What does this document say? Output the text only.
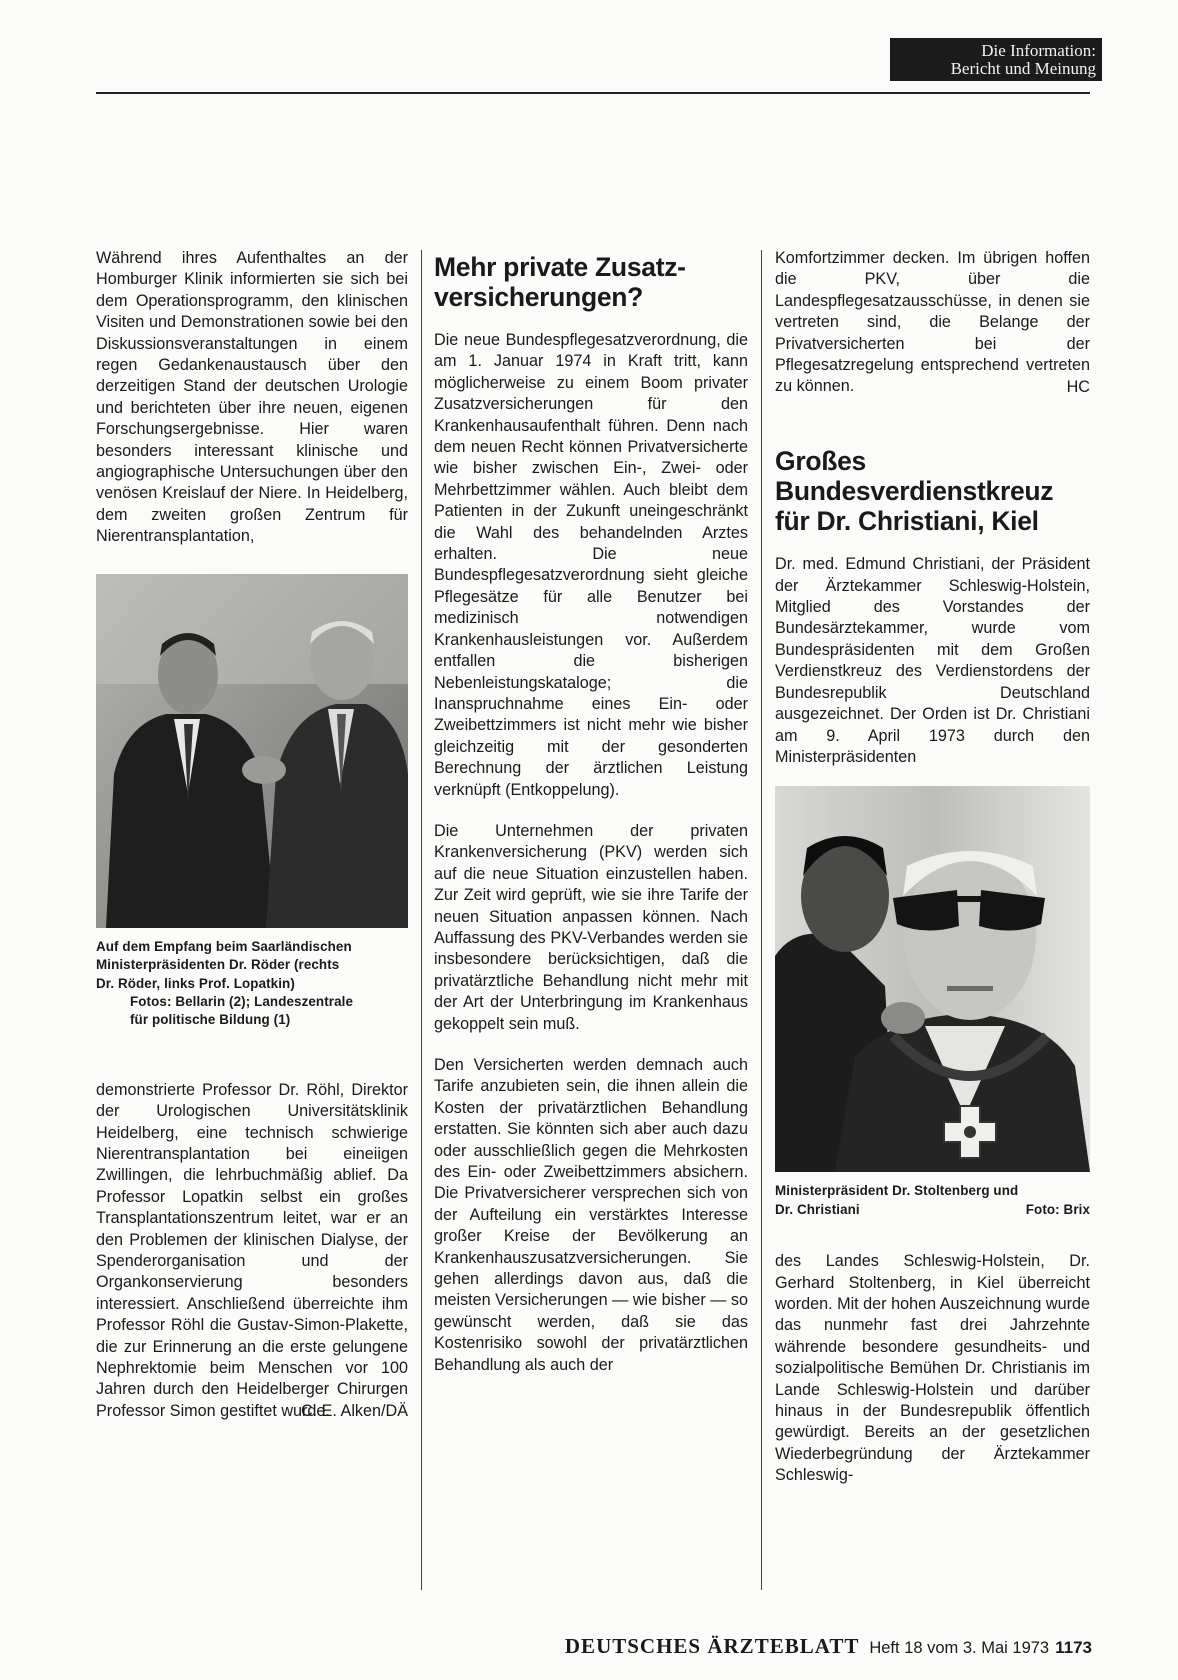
Die Information:
Bericht und Meinung

Während ihres Aufenthaltes an der Homburger Klinik informierten sie sich bei dem Operationsprogramm, den klinischen Visiten und Demonstrationen sowie bei den Diskussionsveranstaltungen in einem regen Gedankenaustausch über den derzeitigen Stand der deutschen Urologie und berichteten über ihre neuen, eigenen Forschungsergebnisse. Hier waren besonders interessant klinische und angiographische Untersuchungen über den venösen Kreislauf der Niere. In Heidelberg, dem zweiten großen Zentrum für Nierentransplantation,

Auf dem Empfang beim Saarländischen
Ministerpräsidenten Dr. Röder (rechts
Dr. Röder, links Prof. Lopatkin)
Fotos: Bellarin (2); Landeszentrale
für politische Bildung (1)

demonstrierte Professor Dr. Röhl, Direktor der Urologischen Universitätsklinik Heidelberg, eine technisch schwierige Nierentransplantation bei eineiigen Zwillingen, die lehrbuchmäßig ablief. Da Professor Lopatkin selbst ein großes Transplantationszentrum leitet, war er an den Problemen der klinischen Dialyse, der Spenderorganisation und der Organkonservierung besonders interessiert. Anschließend überreichte ihm Professor Röhl die Gustav-Simon-Plakette, die zur Erinnerung an die erste gelungene Nephrektomie beim Menschen vor 100 Jahren durch den Heidelberger Chirurgen Professor Simon gestiftet wurde.

C. E. Alken/DÄ
Mehr private Zusatz- versicherungen?

Die neue Bundespflegesatzverordnung, die am 1. Januar 1974 in Kraft tritt, kann möglicherweise zu einem Boom privater Zusatzversicherungen für den Krankenhausaufenthalt führen. Denn nach dem neuen Recht können Privatversicherte wie bisher zwischen Ein-, Zwei- oder Mehrbettzimmer wählen. Auch bleibt dem Patienten in der Zukunft uneingeschränkt die Wahl des behandelnden Arztes erhalten. Die neue Bundespflegesatzverordnung sieht gleiche Pflegesätze für alle Benutzer bei medizinisch notwendigen Krankenhausleistungen vor. Außerdem entfallen die bisherigen Nebenleistungskataloge; die Inanspruchnahme eines Ein- oder Zweibettzimmers ist nicht mehr wie bisher gleichzeitig mit der gesonderten Berechnung der ärztlichen Leistung verknüpft (Entkoppelung).

Die Unternehmen der privaten Krankenversicherung (PKV) werden sich auf die neue Situation einzustellen haben. Zur Zeit wird geprüft, wie sie ihre Tarife der neuen Situation anpassen können. Nach Auffassung des PKV-Verbandes werden sie insbesondere berücksichtigen, daß die privatärztliche Behandlung nicht mehr mit der Art der Unterbringung im Krankenhaus gekoppelt sein muß.

Den Versicherten werden demnach auch Tarife anzubieten sein, die ihnen allein die Kosten der privatärztlichen Behandlung erstatten. Sie könnten sich aber auch dazu oder ausschließlich gegen die Mehrkosten des Ein- oder Zweibettzimmers absichern. Die Privatversicherer versprechen sich von der Aufteilung ein verstärktes Interesse großer Kreise der Bevölkerung an Krankenhauszusatzversicherungen. Sie gehen allerdings davon aus, daß die meisten Versicherungen — wie bisher — so gewünscht werden, daß sie das Kostenrisiko sowohl der privatärztlichen Behandlung als auch der

Komfortzimmer decken. Im übrigen hoffen die PKV, über die Landespflegesatzausschüsse, in denen sie vertreten sind, die Belange der Privatversicherten bei der Pflegesatzregelung entsprechend vertreten zu können.	HC
Großes Bundesverdienstkreuz für Dr. Christiani, Kiel

Dr. med. Edmund Christiani, der Präsident der Ärztekammer Schleswig-Holstein, Mitglied des Vorstandes der Bundesärztekammer, wurde vom Bundespräsidenten mit dem Großen Verdienstkreuz des Verdienstordens der Bundesrepublik Deutschland ausgezeichnet. Der Orden ist Dr. Christiani am 9. April 1973 durch den Ministerpräsidenten

Ministerpräsident Dr. Stoltenberg und
Dr. Christiani	Foto: Brix

des Landes Schleswig-Holstein, Dr. Gerhard Stoltenberg, in Kiel überreicht worden. Mit der hohen Auszeichnung wurde das nunmehr fast drei Jahrzehnte währende besondere gesundheits- und sozialpolitische Bemühen Dr. Christianis im Lande Schleswig-Holstein und darüber hinaus in der Bundesrepublik öffentlich gewürdigt. Bereits an der gesetzlichen Wiederbegründung der Ärztekammer Schleswig-

DEUTSCHES ÄRZTEBLATT Heft 18 vom 3. Mai 1973 1173
